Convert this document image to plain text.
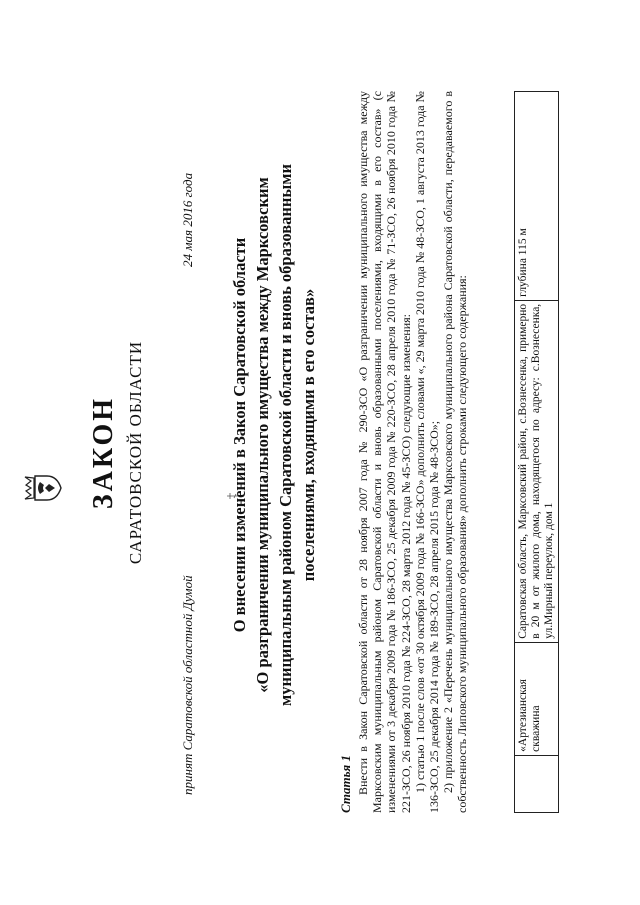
ЗАКОН САРАТОВСКОЙ ОБЛАСТИ
принят Саратовской областной Думой
24 мая 2016 года
О внесении изменений в Закон Саратовской области «О разграничении муниципального имущества между Марксовским муниципальным районом Саратовской области и вновь образованными поселениями, входящими в его состав»
Статья 1 Внести в Закон Саратовской области от 28 ноября 2007 года № 290-ЗСО «О разграничении муниципального имущества между Марксовским муниципальным районом Саратовской области и вновь образованными поселениями, входящими в его состав» (с изменениями от 3 декабря 2009 года № 186-ЗСО, 25 декабря 2009 года № 220-ЗСО, 28 апреля 2010 года № 71-ЗСО, 26 ноября 2010 года № 221-ЗСО, 26 ноября 2010 года № 224-ЗСО, 28 марта 2012 года № 45-ЗСО) следующие изменения: 1) статью 1 после слов «от 30 октября 2009 года № 166-ЗСО» дополнить словами «, 29 марта 2010 года № 48-ЗСО, 1 августа 2013 года № 136-ЗСО, 25 декабря 2014 года № 189-ЗСО, 28 апреля 2015 года № 48-ЗСО»; 2) приложение 2 «Перечень муниципального имущества Марксовского муниципального района Саратовской области, передаваемого в собственность Липовского муниципального образования» дополнить строками следующего содержания:

		«Артезианская скважина	Саратовская область, Марксовский район, с.Вознесенка, примерно в 20 м от жилого дома, находящегося по адресу: с.Вознесенка, ул.Мирный переулок, дом 1	глубина 115 м
